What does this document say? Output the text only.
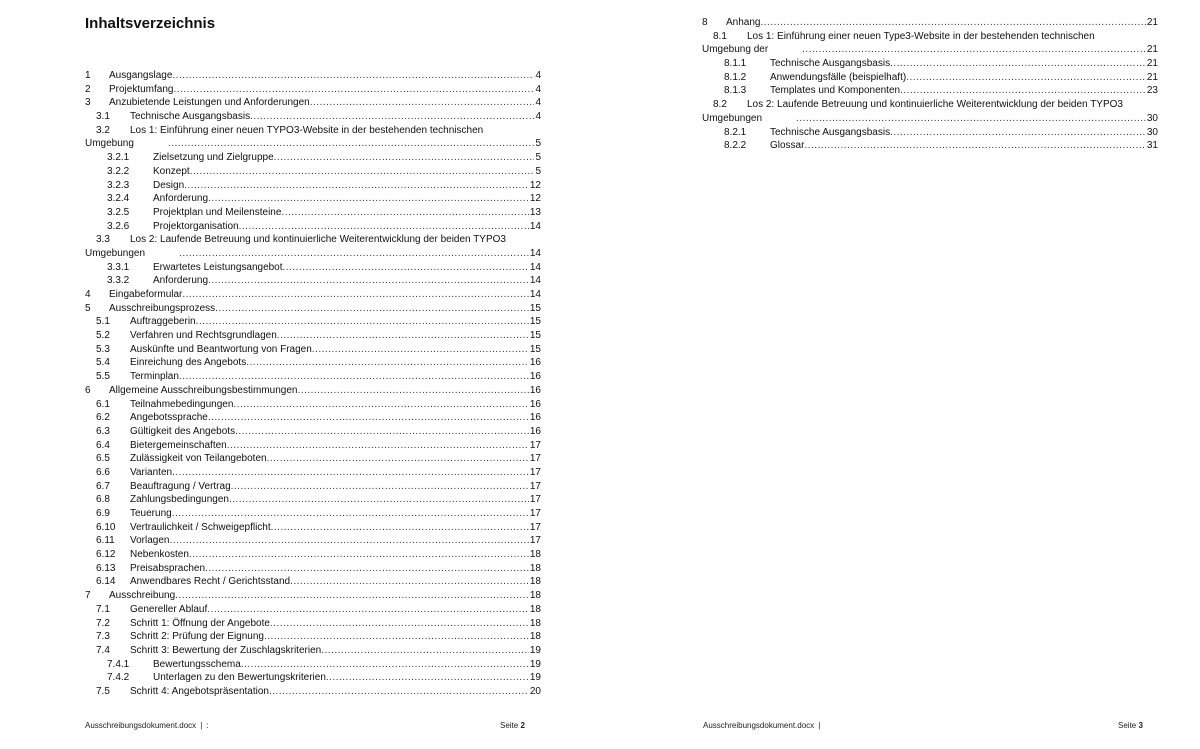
Inhaltsverzeichnis
1	Ausgangslage .....	4
2	Projektumfang .....	4
3	Anzubietende Leistungen und Anforderungen .....	4
3.1	Technische Ausgangsbasis .....	4
3.2	Los 1: Einführung einer neuen TYPO3-Website in der bestehenden technischen
Umgebung .....	5
3.2.1	Zielsetzung und Zielgruppe .....	5
3.2.2	Konzept .....	5
3.2.3	Design .....	12
3.2.4	Anforderung .....	12
3.2.5	Projektplan und Meilensteine .....	13
3.2.6	Projektorganisation .....	14
3.3	Los 2: Laufende Betreuung und kontinuierliche Weiterentwicklung der beiden TYPO3
Umgebungen .....	14
3.3.1	Erwartetes Leistungsangebot .....	14
3.3.2	Anforderung .....	14
4	Eingabeformular .....	14
5	Ausschreibungsprozess .....	15
5.1	Auftraggeberin .....	15
5.2	Verfahren und Rechtsgrundlagen .....	15
5.3	Auskünfte und Beantwortung von Fragen .....	15
5.4	Einreichung des Angebots .....	16
5.5	Terminplan .....	16
6	Allgemeine Ausschreibungsbestimmungen .....	16
6.1	Teilnahmebedingungen .....	16
6.2	Angebotssprache .....	16
6.3	Gültigkeit des Angebots .....	16
6.4	Bietergemeinschaften .....	17
6.5	Zulässigkeit von Teilangeboten .....	17
6.6	Varianten .....	17
6.7	Beauftragung / Vertrag .....	17
6.8	Zahlungsbedingungen .....	17
6.9	Teuerung .....	17
6.10	Vertraulichkeit / Schweigepflicht .....	17
6.11	Vorlagen .....	17
6.12	Nebenkosten .....	18
6.13	Preisabsprachen .....	18
6.14	Anwendbares Recht / Gerichtsstand .....	18
7	Ausschreibung .....	18
7.1	Genereller Ablauf .....	18
7.2	Schritt 1: Öffnung der Angebote .....	18
7.3	Schritt 2: Prüfung der Eignung .....	18
7.4	Schritt 3: Bewertung der Zuschlagskriterien .....	19
7.4.1	Bewertungsschema .....	19
7.4.2	Unterlagen zu den Bewertungskriterien .....	19
7.5	Schritt 4: Angebotspräsentation .....	20
Ausschreibungsdokument.docx | :	Seite 2
8	Anhang .....	21
8.1	Los 1: Einführung einer neuen Type3-Website in der bestehenden technischen
Umgebung der .....	21
8.1.1	Technische Ausgangsbasis .....	21
8.1.2	Anwendungsfälle (beispielhaft) .....	21
8.1.3	Templates und Komponenten .....	23
8.2	Los 2: Laufende Betreuung und kontinuierliche Weiterentwicklung der beiden TYPO3
Umgebungen .....	30
8.2.1	Technische Ausgangsbasis .....	30
8.2.2	Glossar .....	31
Ausschreibungsdokument.docx |	Seite 3
